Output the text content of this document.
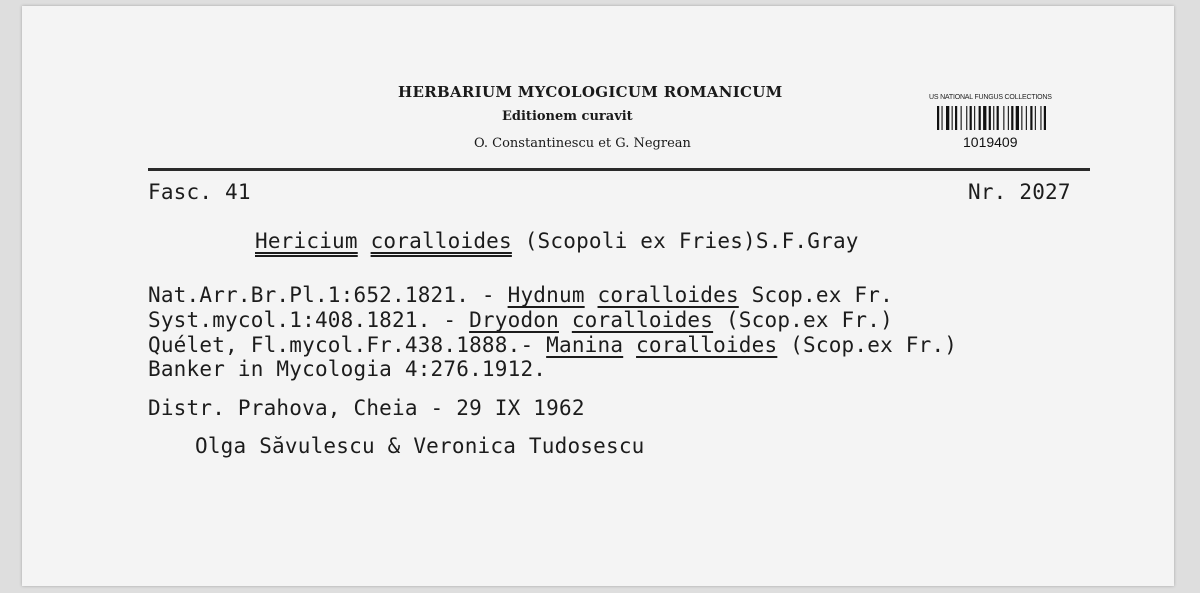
HERBARIUM MYCOLOGICUM ROMANICUM
Editionem curavit
O. Constantinescu et G. Negrean
US NATIONAL FUNGUS COLLECTIONS
1019409
Fasc. 41	Nr. 2027
Hericium coralloides (Scopoli ex Fries)S.F.Gray
Nat.Arr.Br.Pl.1:652.1821. - Hydnum coralloides Scop.ex Fr.
Syst.mycol.1:408.1821. - Dryodon coralloides (Scop.ex Fr.)
Quélet, Fl.mycol.Fr.438.1888.- Manina coralloides (Scop.ex Fr.)
Banker in Mycologia 4:276.1912.
Distr. Prahova, Cheia - 29 IX 1962
Olga Săvulescu & Veronica Tudosescu
